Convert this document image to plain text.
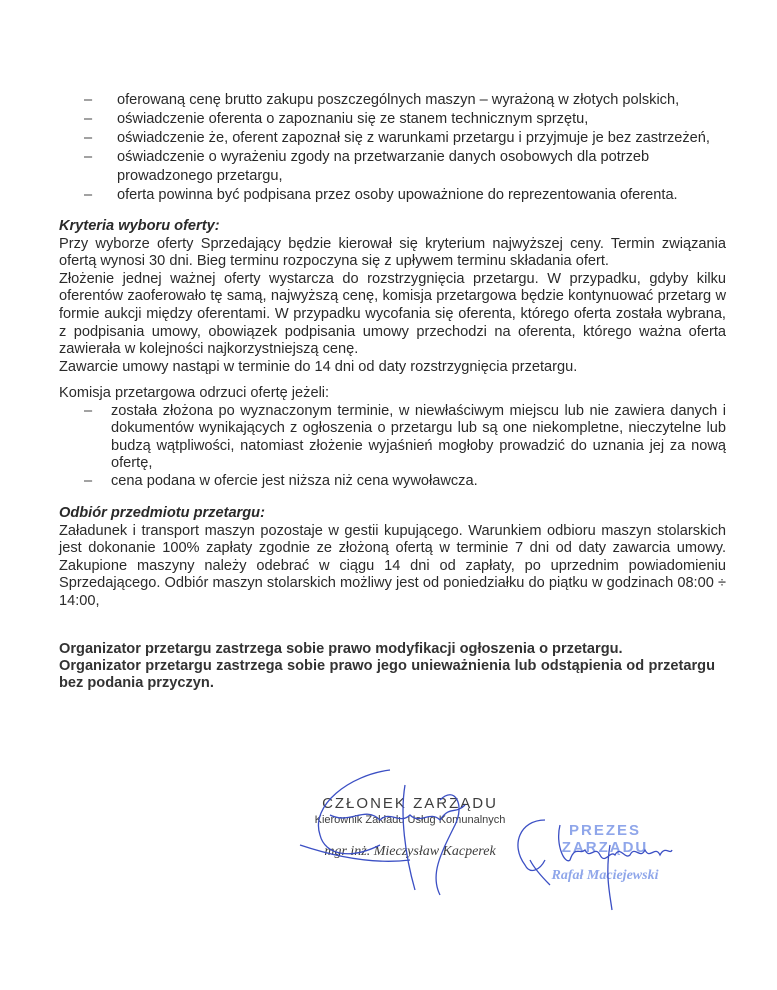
–	oferowaną cenę brutto zakupu poszczególnych maszyn – wyrażoną w złotych polskich,
–	oświadczenie oferenta o zapoznaniu się ze stanem technicznym sprzętu,
–	oświadczenie że, oferent zapoznał się z warunkami przetargu i przyjmuje je bez zastrzeżeń,
–	oświadczenie o wyrażeniu zgody na przetwarzanie danych osobowych dla potrzeb prowadzonego przetargu,
–	oferta powinna być podpisana przez osoby upoważnione do reprezentowania oferenta.
Kryteria wyboru oferty:

Przy wyborze oferty Sprzedający będzie kierował się kryterium najwyższej ceny. Termin związania ofertą wynosi 30 dni. Bieg terminu rozpoczyna się z upływem terminu składania ofert.

Złożenie jednej ważnej oferty wystarcza do rozstrzygnięcia przetargu. W przypadku, gdyby kilku oferentów zaoferowało tę samą, najwyższą cenę, komisja przetargowa będzie kontynuować przetarg w formie aukcji między oferentami. W przypadku wycofania się oferenta, którego oferta została wybrana, z podpisania umowy, obowiązek podpisania umowy przechodzi na oferenta, którego ważna oferta zawierała w kolejności najkorzystniejszą cenę.

Zawarcie umowy nastąpi w terminie do 14 dni od daty rozstrzygnięcia przetargu.

Komisja przetargowa odrzuci ofertę jeżeli:

–	została złożona po wyznaczonym terminie, w niewłaściwym miejscu lub nie zawiera danych i dokumentów wynikających z ogłoszenia o przetargu lub są one niekompletne, nieczytelne lub budzą wątpliwości, natomiast złożenie wyjaśnień mogłoby prowadzić do uznania jej za nową ofertę,
–	cena podana w ofercie jest niższa niż cena wywoławcza.
Odbiór przedmiotu przetargu:

Załadunek i transport maszyn pozostaje w gestii kupującego. Warunkiem odbioru maszyn stolarskich jest dokonanie 100% zapłaty zgodnie ze złożoną ofertą w terminie 7 dni od daty zawarcia umowy. Zakupione maszyny należy odebrać w ciągu 14 dni od zapłaty, po uprzednim powiadomieniu Sprzedającego. Odbiór maszyn stolarskich możliwy jest od poniedziałku do piątku w godzinach 08:00 ÷ 14:00,

Organizator przetargu zastrzega sobie prawo modyfikacji ogłoszenia o przetargu.

Organizator przetargu zastrzega sobie prawo jego unieważnienia lub odstąpienia od przetargu bez podania przyczyn.

CZŁONEK ZARZĄDU
Kierownik Zakładu Usług Komunalnych
mgr inż. Mieczysław Kacperek
PREZES ZARZĄDU
Rafał Maciejewski
